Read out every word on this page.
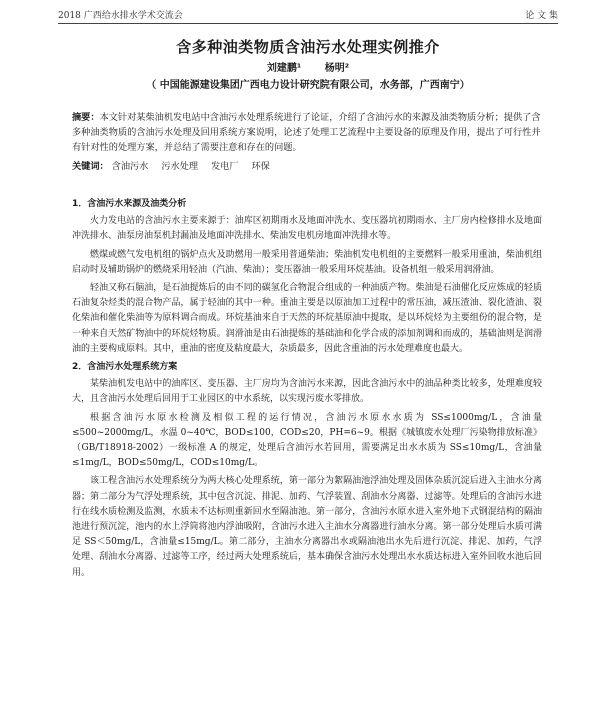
2018 广西给水排水学术交流会	论 文 集
含多种油类物质含油污水处理实例推介
刘建鹏¹ 杨明²
（ 中国能源建设集团广西电力设计研究院有限公司，水务部，广西南宁）
摘要：本文针对某柴油机发电站中含油污水处理系统进行了论证，介绍了含油污水的来源及油类物质分析；提供了含多种油类物质的含油污水处理及回用系统方案说明，论述了处理工艺流程中主要设备的原理及作用，提出了可行性并有针对性的处理方案，并总结了需要注意和存在的问题。
关键词： 含油污水 污水处理 发电厂 环保
1．含油污水来源及油类分析

火力发电站的含油污水主要来源于：油库区初期雨水及地面冲洗水、变压器坑初期雨水、主厂房内检修排水及地面冲洗排水、油泵房油泵机封漏油及地面冲洗排水、柴油发电机房地面冲洗排水等。

燃煤或燃气发电机组的锅炉点火及助燃用一般采用普通柴油；柴油机发电机组的主要燃料一般采用重油，柴油机组启动时及辅助锅炉的燃烧采用轻油（汽油、柴油）；变压器油一般采用环烷基油。设备机组一般采用润滑油。

轻油又称石脑油，是石油提炼后的由不同的碳氢化合物混合组成的一种油质产物。柴油是石油催化反应炼成的轻质石油复杂烃类的混合物产品，属于轻油的其中一种。重油主要是以原油加工过程中的常压油，减压渣油、裂化渣油、裂化柴油和催化柴油等为原料调合而成。环烷基油来自于天然的环烷基原油中提取，是以环烷烃为主要组份的混合物，是一种来自天然矿物油中的环烷烃物质。润滑油是由石油提炼的基础油和化学合成的添加剂调和而成的，基础油则是润滑油的主要构成原料。其中，重油的密度及粘度最大，杂质最多，因此含重油的污水处理难度也最大。

2．含油污水处理系统方案

某柴油机发电站中的油库区、变压器、主厂房均为含油污水来源，因此含油污水中的油品种类比较多，处理难度较大，且含油污水处理后回用于工业园区的中水系统，以实现污废水零排放。

根据含油污水原水检测及相似工程的运行情况，含油污水原水水质为 SS≤1000mg/L，含油量≤500~2000mg/L，水温 0~40℃，BOD≤100，COD≤20，PH=6~9。根据《城镇废水处理厂污染物排放标准》（GB/T18918-2002）一级标准 A 的规定，处理后含油污水若回用，需要满足出水水质为 SS≤10mg/L，含油量≤1mg/L，BOD≤50mg/L，COD≤10mg/L。

该工程含油污水处理系统分为两大核心处理系统，第一部分为絮隔油池浮油处理及固体杂质沉淀后进入主油水分离器；第二部分为气浮处理系统，其中包含沉淀、排泥、加药、气浮装置、刮油水分离器、过滤等。处理后的含油污水进行在线水质检测及监测，水质未不达标则重新回水至隔油池。第一部分，含油污水原水进入室外地下式钢混结构的隔油池进行预沉淀，池内的水上浮筒将池内浮油吸附，含油污水进入主油水分离器进行油水分离。第一部分处理后水质可满足 SS＜50mg/L，含油量≤15mg/L。第二部分，主油水分离器出水或隔油池出水先后进行沉淀、排泥、加药，气浮处理、刮油水分离器、过滤等工序，经过两大处理系统后，基本确保含油污水处理出水水质达标进入室外回收水池后回用。
